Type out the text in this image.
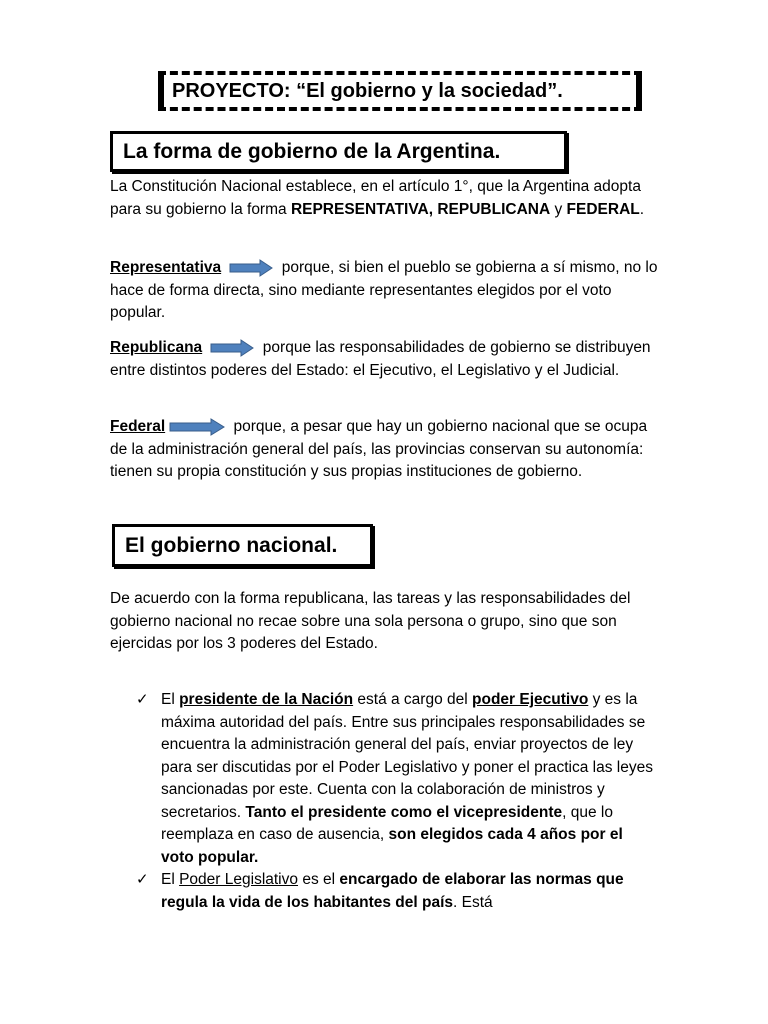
PROYECTO : “El gobierno y la sociedad”.
La forma de gobierno de la Argentina.
La Constitución Nacional establece, en el artículo 1°, que la Argentina adopta para su gobierno la forma REPRESENTATIVA, REPUBLICANA y FEDERAL.
Representativa	porque, si bien el pueblo se gobierna a sí mismo, no lo hace de forma directa, sino mediante representantes elegidos por el voto popular.
Republicana	porque las responsabilidades de gobierno se distribuyen entre distintos poderes del Estado: el Ejecutivo, el Legislativo y el Judicial.
Federal	porque, a pesar que hay un gobierno nacional que se ocupa de la administración general del país, las provincias conservan su autonomía: tienen su propia constitución y sus propias instituciones de gobierno.
El gobierno nacional.
De acuerdo con la forma republicana, las tareas y las responsabilidades del gobierno nacional no recae sobre una sola persona o grupo, sino que son ejercidas por los 3 poderes del Estado.
✓ El presidente de la Nación está a cargo del poder Ejecutivo y es la máxima autoridad del país. Entre sus principales responsabilidades se encuentra la administración general del país, enviar proyectos de ley para ser discutidas por el Poder Legislativo y poner el practica las leyes sancionadas por este. Cuenta con la colaboración de ministros y secretarios. Tanto el presidente como el vicepresidente, que lo reemplaza en caso de ausencia, son elegidos cada 4 años por el voto popular.
✓ El Poder Legislativo es el encargado de elaborar las normas que regula la vida de los habitantes del país. Está
